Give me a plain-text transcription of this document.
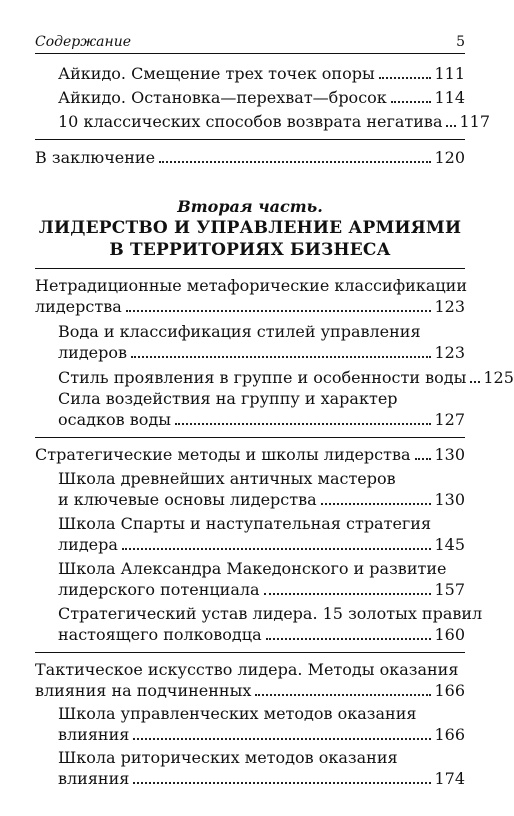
Содержание	5
Айкидо. Смещение трех точек опоры	111
Айкидо. Остановка—перехват—бросок	114
10 классических способов возврата негатива 117
В заключение	120
Вторая часть.
ЛИДЕРСТВО И УПРАВЛЕНИЕ АРМИЯМИ
В ТЕРРИТОРИЯХ БИЗНЕСА
Нетрадиционные метафорические классификации
лидерства	123
Вода и классификация стилей управления
лидеров	123
Стиль проявления в группе и особенности воды 125
Сила воздействия на группу и характер
осадков воды	127
Стратегические методы и школы лидерства 130
Школа древнейших античных мастеров
и ключевые основы лидерства	130
Школа Спарты и наступательная стратегия
лидера	145
Школа Александра Македонского и развитие
лидерского потенциала	157
Стратегический устав лидера. 15 золотых правил
настоящего полководца	160
Тактическое искусство лидера. Методы оказания
влияния на подчиненных	166
Школа управленческих методов оказания
влияния	166
Школа риторических методов оказания
влияния	174
